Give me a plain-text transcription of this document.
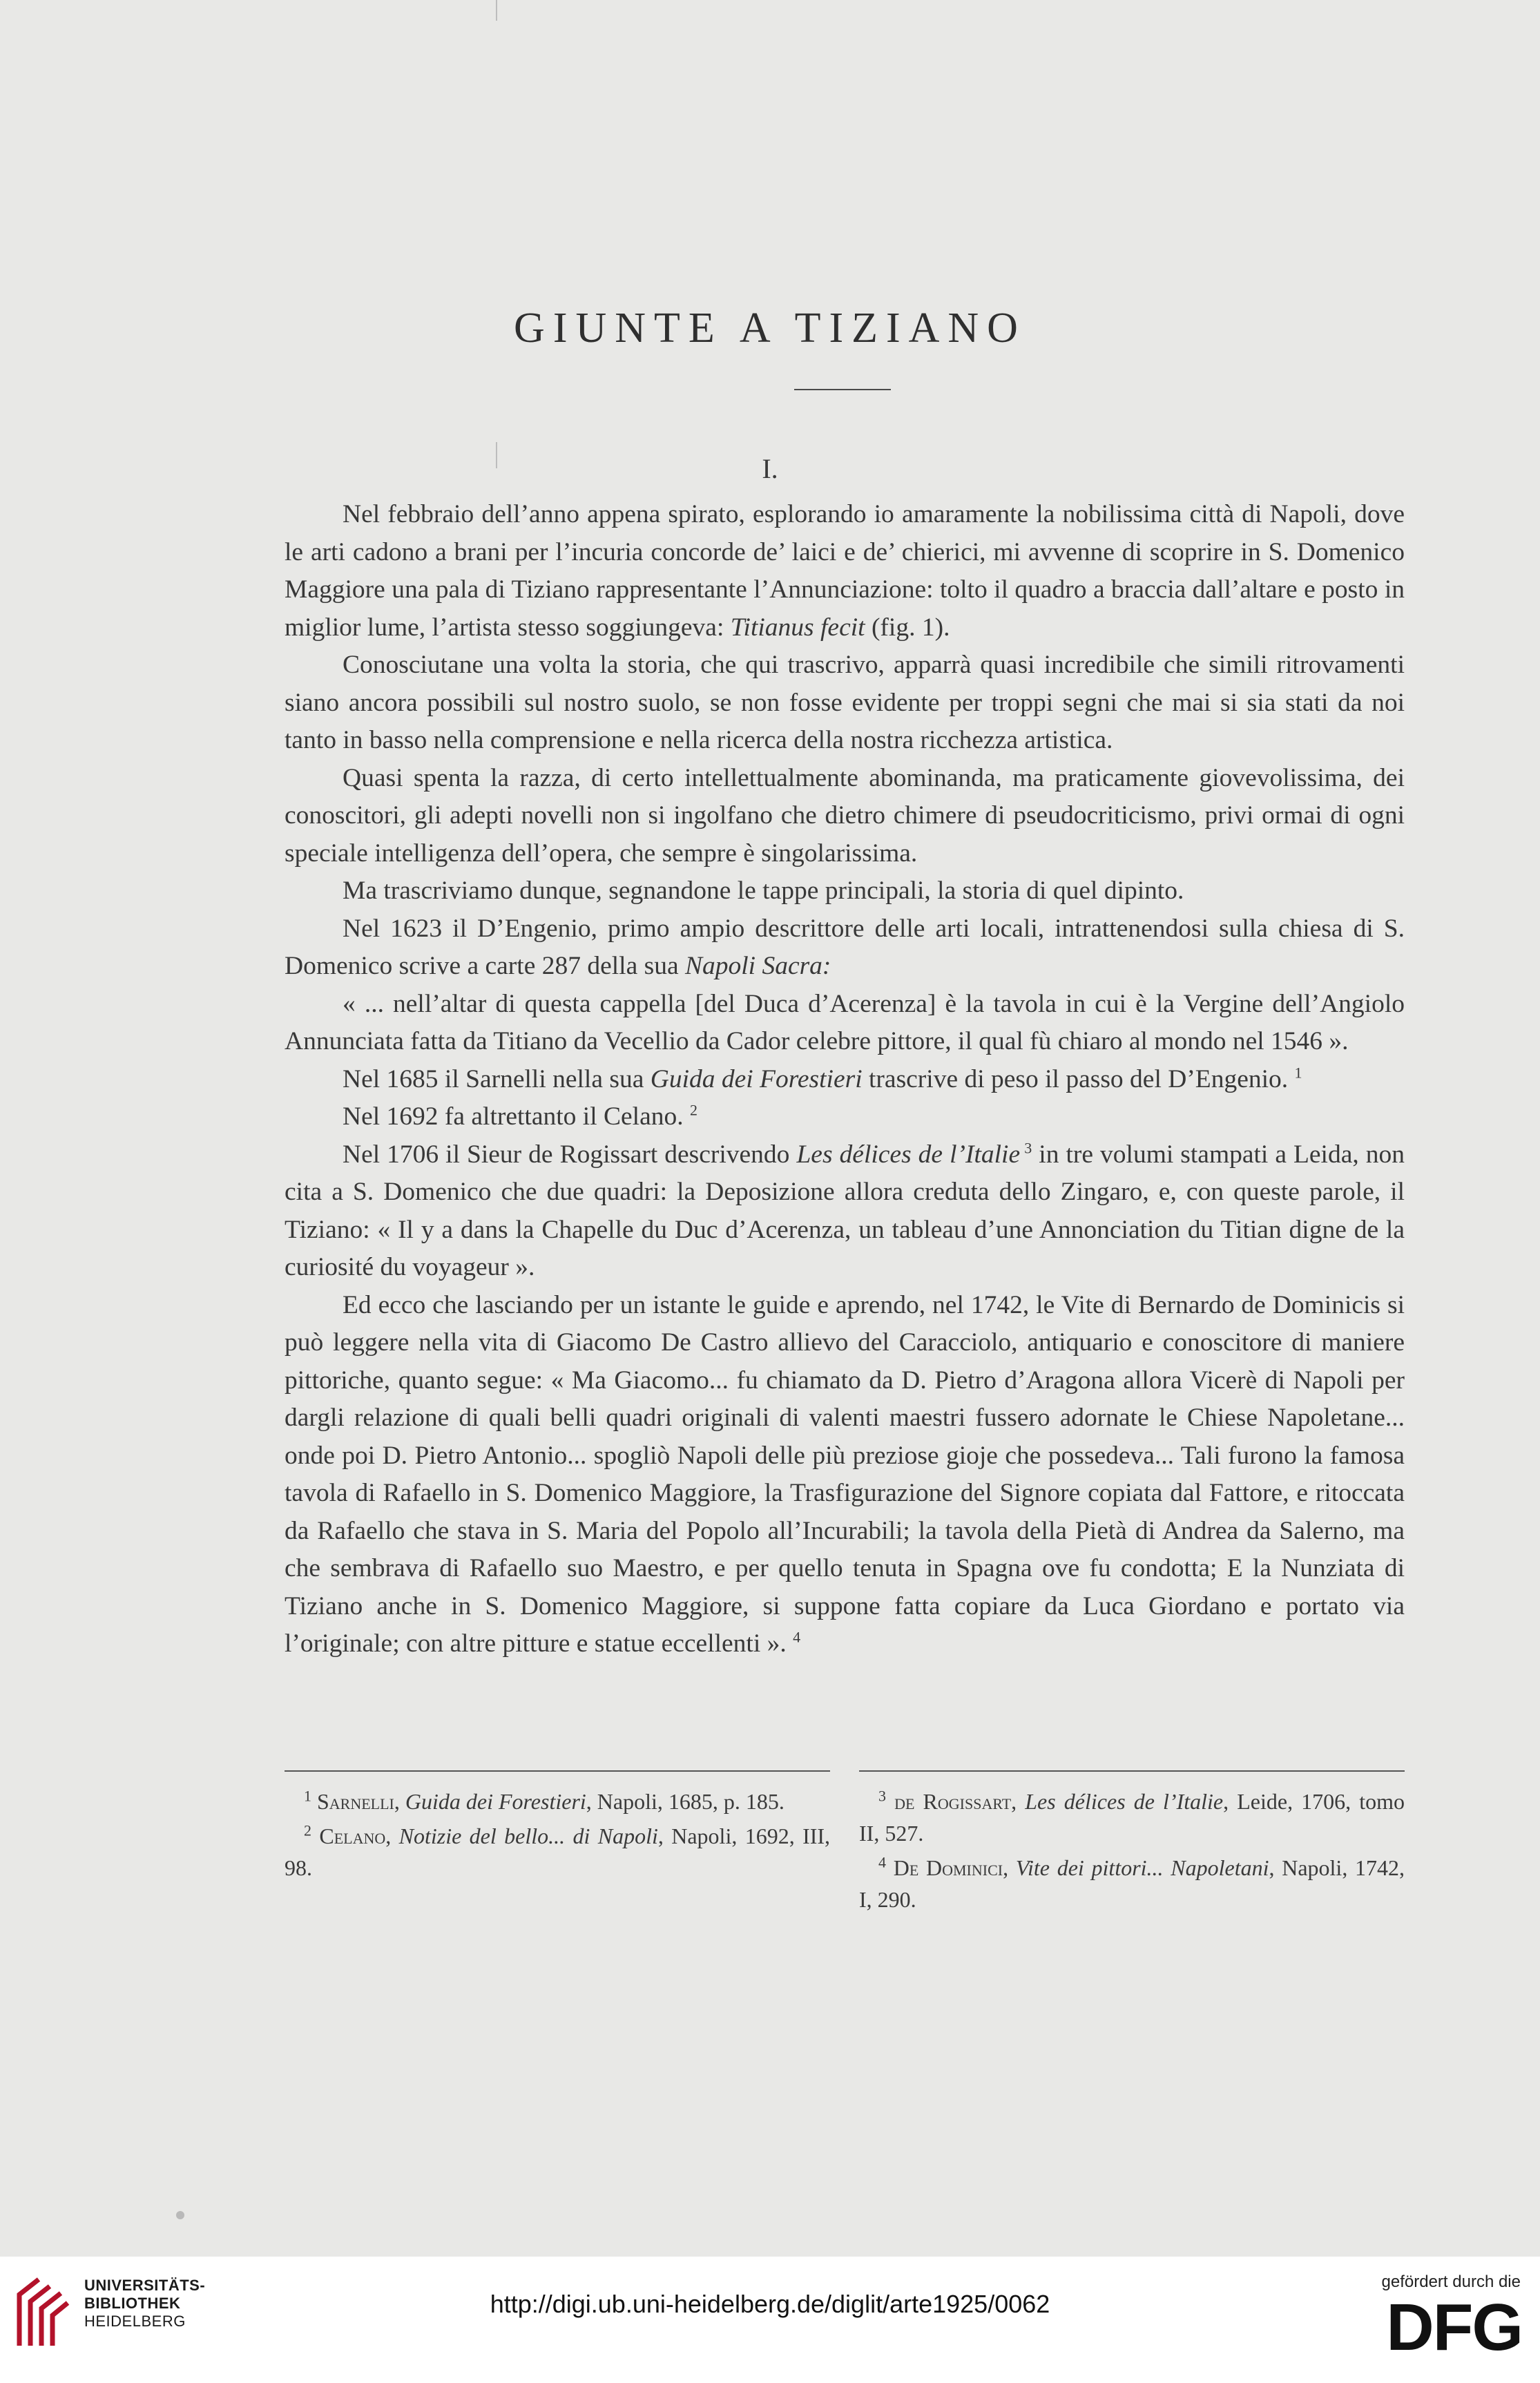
GIUNTE A TIZIANO
I.

Nel febbraio dell’anno appena spirato, esplorando io amaramente la nobilissima città di Napoli, dove le arti cadono a brani per l’incuria concorde de’ laici e de’ chierici, mi avvenne di scoprire in S. Domenico Maggiore una pala di Tiziano rappresentante l’Annunciazione: tolto il quadro a braccia dall’altare e posto in miglior lume, l’artista stesso soggiungeva: Titianus fecit (fig. 1).

Conosciutane una volta la storia, che qui trascrivo, apparrà quasi incredibile che simili ritrovamenti siano ancora possibili sul nostro suolo, se non fosse evidente per troppi segni che mai si sia stati da noi tanto in basso nella comprensione e nella ricerca della nostra ricchezza artistica.

Quasi spenta la razza, di certo intellettualmente abominanda, ma praticamente giovevolissima, dei conoscitori, gli adepti novelli non si ingolfano che dietro chimere di pseudocriticismo, privi ormai di ogni speciale intelligenza dell’opera, che sempre è singolarissima.

Ma trascriviamo dunque, segnandone le tappe principali, la storia di quel dipinto.

Nel 1623 il D’Engenio, primo ampio descrittore delle arti locali, intrattenendosi sulla chiesa di S. Domenico scrive a carte 287 della sua Napoli Sacra:

« ... nell’altar di questa cappella [del Duca d’Acerenza] è la tavola in cui è la Vergine dell’Angiolo Annunciata fatta da Titiano da Vecellio da Cador celebre pittore, il qual fù chiaro al mondo nel 1546 ».

Nel 1685 il Sarnelli nella sua Guida dei Forestieri trascrive di peso il passo del D’Engenio. $^1$

Nel 1692 fa altrettanto il Celano. $^2$

Nel 1706 il Sieur de Rogissart descrivendo Les délices de l’Italie $^3$ in tre volumi stampati a Leida, non cita a S. Domenico che due quadri: la Deposizione allora creduta dello Zingaro, e, con queste parole, il Tiziano: « Il y a dans la Chapelle du Duc d’Acerenza, un tableau d’une Annonciation du Titian digne de la curiosité du voyageur ».

Ed ecco che lasciando per un istante le guide e aprendo, nel 1742, le Vite di Bernardo de Dominicis si può leggere nella vita di Giacomo De Castro allievo del Caracciolo, antiquario e conoscitore di maniere pittoriche, quanto segue: « Ma Giacomo... fu chiamato da D. Pietro d’Aragona allora Vicerè di Napoli per dargli relazione di quali belli quadri originali di valenti maestri fussero adornate le Chiese Napoletane... onde poi D. Pietro Antonio... spogliò Napoli delle più preziose gioje che possedeva... Tali furono la famosa tavola di Rafaello in S. Domenico Maggiore, la Trasfigurazione del Signore copiata dal Fattore, e ritoccata da Rafaello che stava in S. Maria del Popolo all’Incurabili; la tavola della Pietà di Andrea da Salerno, ma che sembrava di Rafaello suo Maestro, e per quello tenuta in Spagna ove fu condotta; E la Nunziata di Tiziano anche in S. Domenico Maggiore, si suppone fatta copiare da Luca Giordano e portato via l’originale; con altre pitture e statue eccellenti ». $^4$

$^1$ Sarnelli, Guida dei Forestieri, Napoli, 1685, p. 185.

$^2$ Celano, Notizie del bello... di Napoli, Napoli, 1692, III, 98.

$^3$ de Rogissart, Les délices de l’Italie, Leide, 1706, tomo II, 527.

$^4$ De Dominici, Vite dei pittori... Napoletani, Napoli, 1742, I, 290.

UNIVERSITÄTS-
BIBLIOTHEK
HEIDELBERG
http://digi.ub.uni-heidelberg.de/diglit/arte1925/0062
gefördert durch die
DFG
